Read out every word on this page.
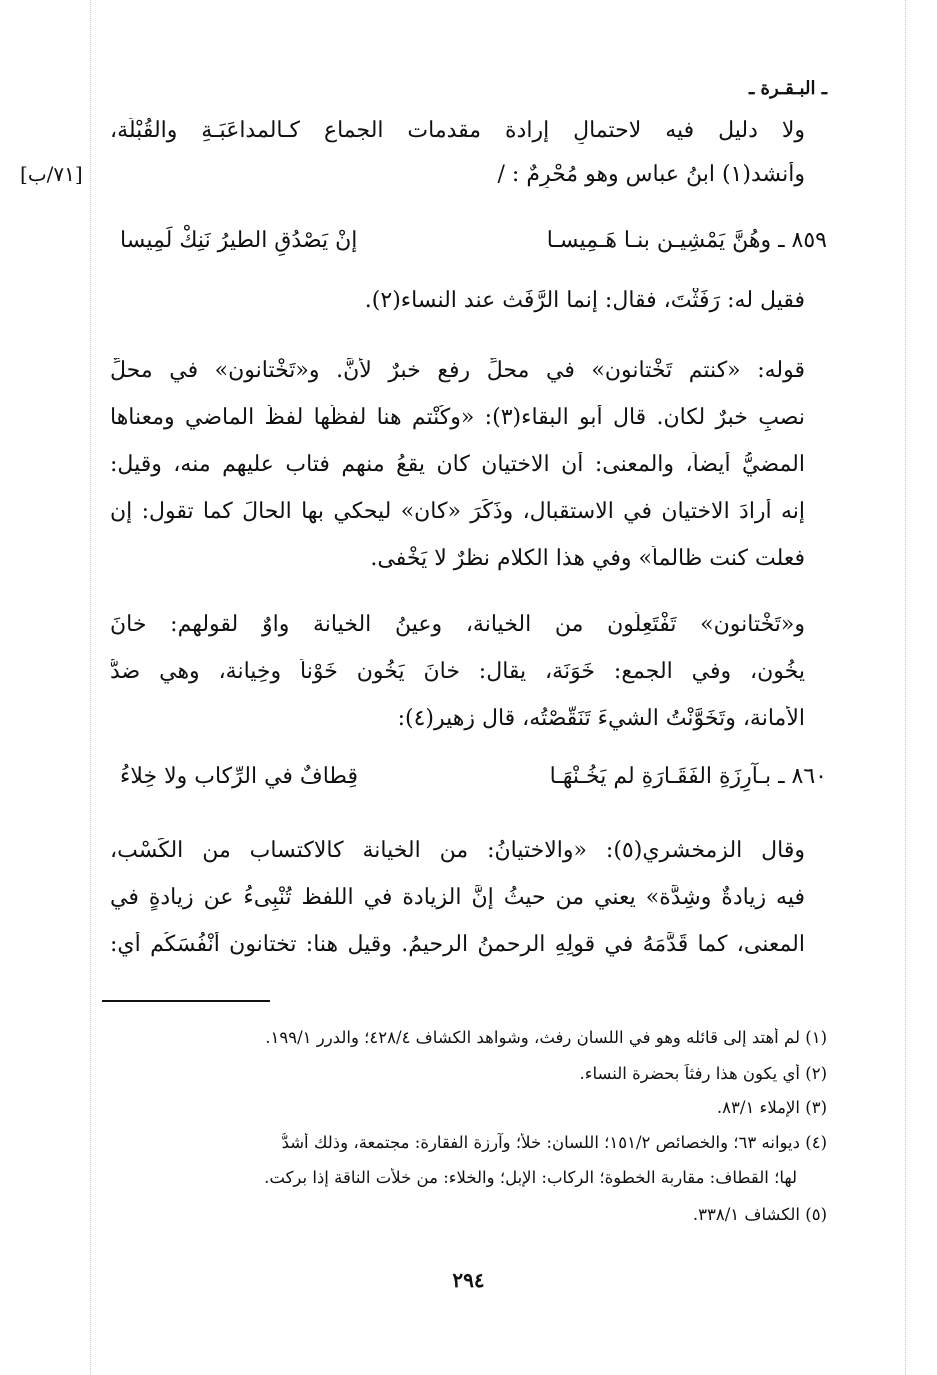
ـ البـقـرة ـ
[٧١/ب]
ولا دليل فيه لاحتمالِ إرادة مقدمات الجماع كـالمداعَبَـةِ والقُبْلَة،
وأنشد(١) ابنُ عباس وهو مُحْرِمٌ : /
٨٥٩ ـ وهُنَّ يَمْشِيـن بنـا هَـمِيسـا
إنْ يَصْدُقِ الطيرُ نَنِكْ لَمِيسا
فقيل له: رَفَثْتَ، فقال: إنما الرَّفَث عند النساء(٢).
قوله: «كنتم تَخْتانون» في محلِّ رفعٍ خبرٌ لأنَّ. و«تَخْتانون» في محلِّ
نصبٍ خبرٌ لكان. قال أبو البقاء(٣): «وكُنْتم هنا لفظُها لفظُ الماضي ومعناها
المضيُّ أيضاً، والمعنى: أن الاختيان كان يقعُ منهم فتاب عليهم منه، وقيل:
إنه أرادَ الاختيان في الاستقبال، وذَكَرَ «كان» ليحكي بها الحالَ كما تقول: إن
فعلت كنت ظالماً» وفي هذا الكلامِ نظرٌ لا يَخْفى.
و«تَخْتانون» تَفْتَعِلُون من الخيانة، وعينُ الخيانة واوٌ لقولهم: خانَ
يخُون، وفي الجمع: خَوَنَة، يقال: خانَ يَخُون خَوْناً وخِيانة، وهي ضدُّ
الأمانة، وتَخَوَّنْتُ الشيءَ تَنَقَّصْتُه، قال زهير(٤):
٨٦٠ ـ بـآرِزَةِ الفَقَـارَةِ لم يَخُـنْهَـا
قِطافٌ في الرِّكاب ولا خِلاءُ
وقال الزمخشري(٥): «والاختيانُ: من الخيانة كالاكتساب من الكَسْب،
فيه زيادةٌ وشِدَّة» يعني من حيثُ إنَّ الزيادة في اللفظ تُنْبِىءُ عن زيادةٍ في
المعنى، كما قَدَّمَهُ في قولِهِ الرحمنُ الرحيمُ. وقيل هنا: تختانون أَنْفُسَكُم أي:
(١) لم أهتد إلى قائله وهو في اللسان رفث، وشواهد الكشاف ٤٢٨/٤؛ والدرر ١٩٩/١.
(٢) أي يكون هذا رفثاً بحضرة النساء.
(٣) الإملاء ٨٣/١.
(٤) ديوانه ٦٣؛ والخصائص ١٥١/٢؛ اللسان: خلأ؛ وآرزة الفقارة: مجتمعة، وذلك أشدُّ
لها؛ القطاف: مقاربة الخطوة؛ الركاب: الإبل؛ والخلاء: من خلأت الناقة إذا بركت.
(٥) الكشاف ٣٣٨/١.
٢٩٤
